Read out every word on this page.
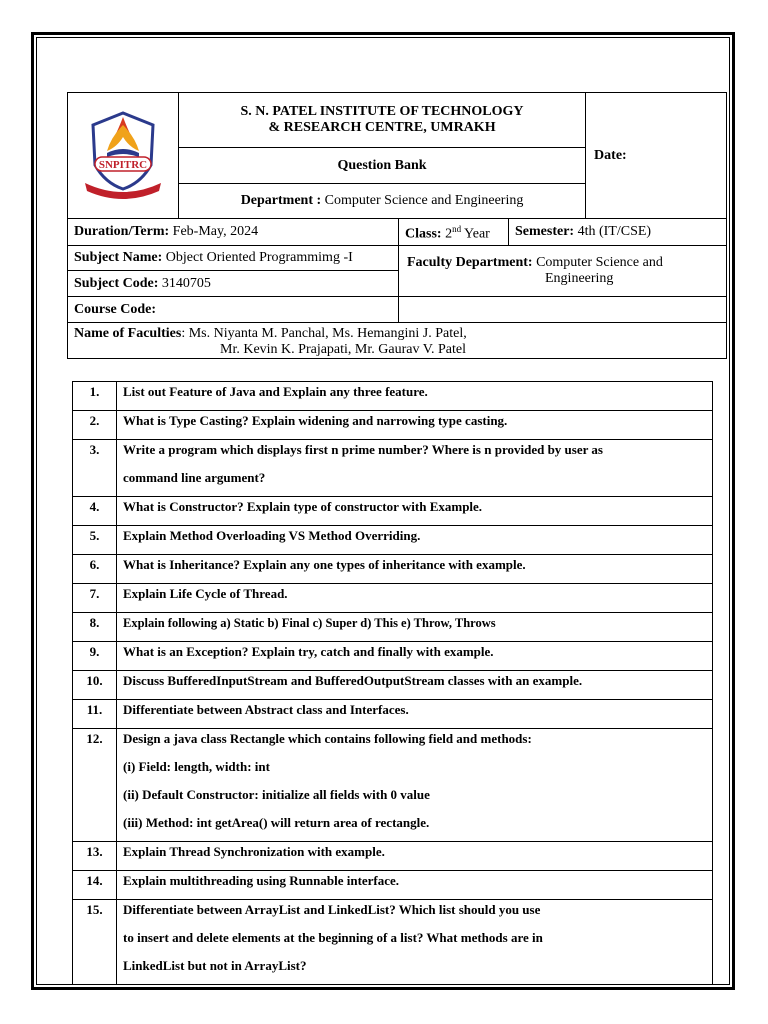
SNPITRC	S. N. PATEL INSTITUTE OF TECHNOLOGY
& RESEARCH CENTRE, UMRAKH			Date:
	Question Bank			
	Department : Computer Science and Engineering			
Duration/Term: Feb-May, 2024		Class: 2nd Year	Semester: 4th (IT/CSE)	
Subject Name: Object Oriented Programmimg -I		Faculty Department: Computer Science and
Engineering		
Subject Code: 3140705				
Course Code:				
Name of Faculties: Ms. Niyanta M. Panchal, Ms. Hemangini J. Patel,

Mr. Kevin K. Prajapati, Mr. Gaurav V. Patel				
1.	List out Feature of Java and Explain any three feature.

2.	What is Type Casting? Explain widening and narrowing type casting.

3.	Write a program which displays first n prime number? Where is n provided by user as
command line argument?

4.	What is Constructor? Explain type of constructor with Example.

5.	Explain Method Overloading VS Method Overriding.

6.	What is Inheritance? Explain any one types of inheritance with example.

7.	Explain Life Cycle of Thread.

8.	Explain following a) Static b) Final c) Super d) This e) Throw, Throws

9.	What is an Exception? Explain try, catch and finally with example.

10.	Discuss BufferedInputStream and BufferedOutputStream classes with an example.

11.	Differentiate between Abstract class and Interfaces.

12.	Design a java class Rectangle which contains following field and methods:
(i) Field: length, width: int
(ii) Default Constructor: initialize all fields with 0 value
(iii) Method: int getArea() will return area of rectangle.

13.	Explain Thread Synchronization with example.

14.	Explain multithreading using Runnable interface.

15.	Differentiate between ArrayList and LinkedList? Which list should you use
to insert and delete elements at the beginning of a list? What methods are in
LinkedList but not in ArrayList?
